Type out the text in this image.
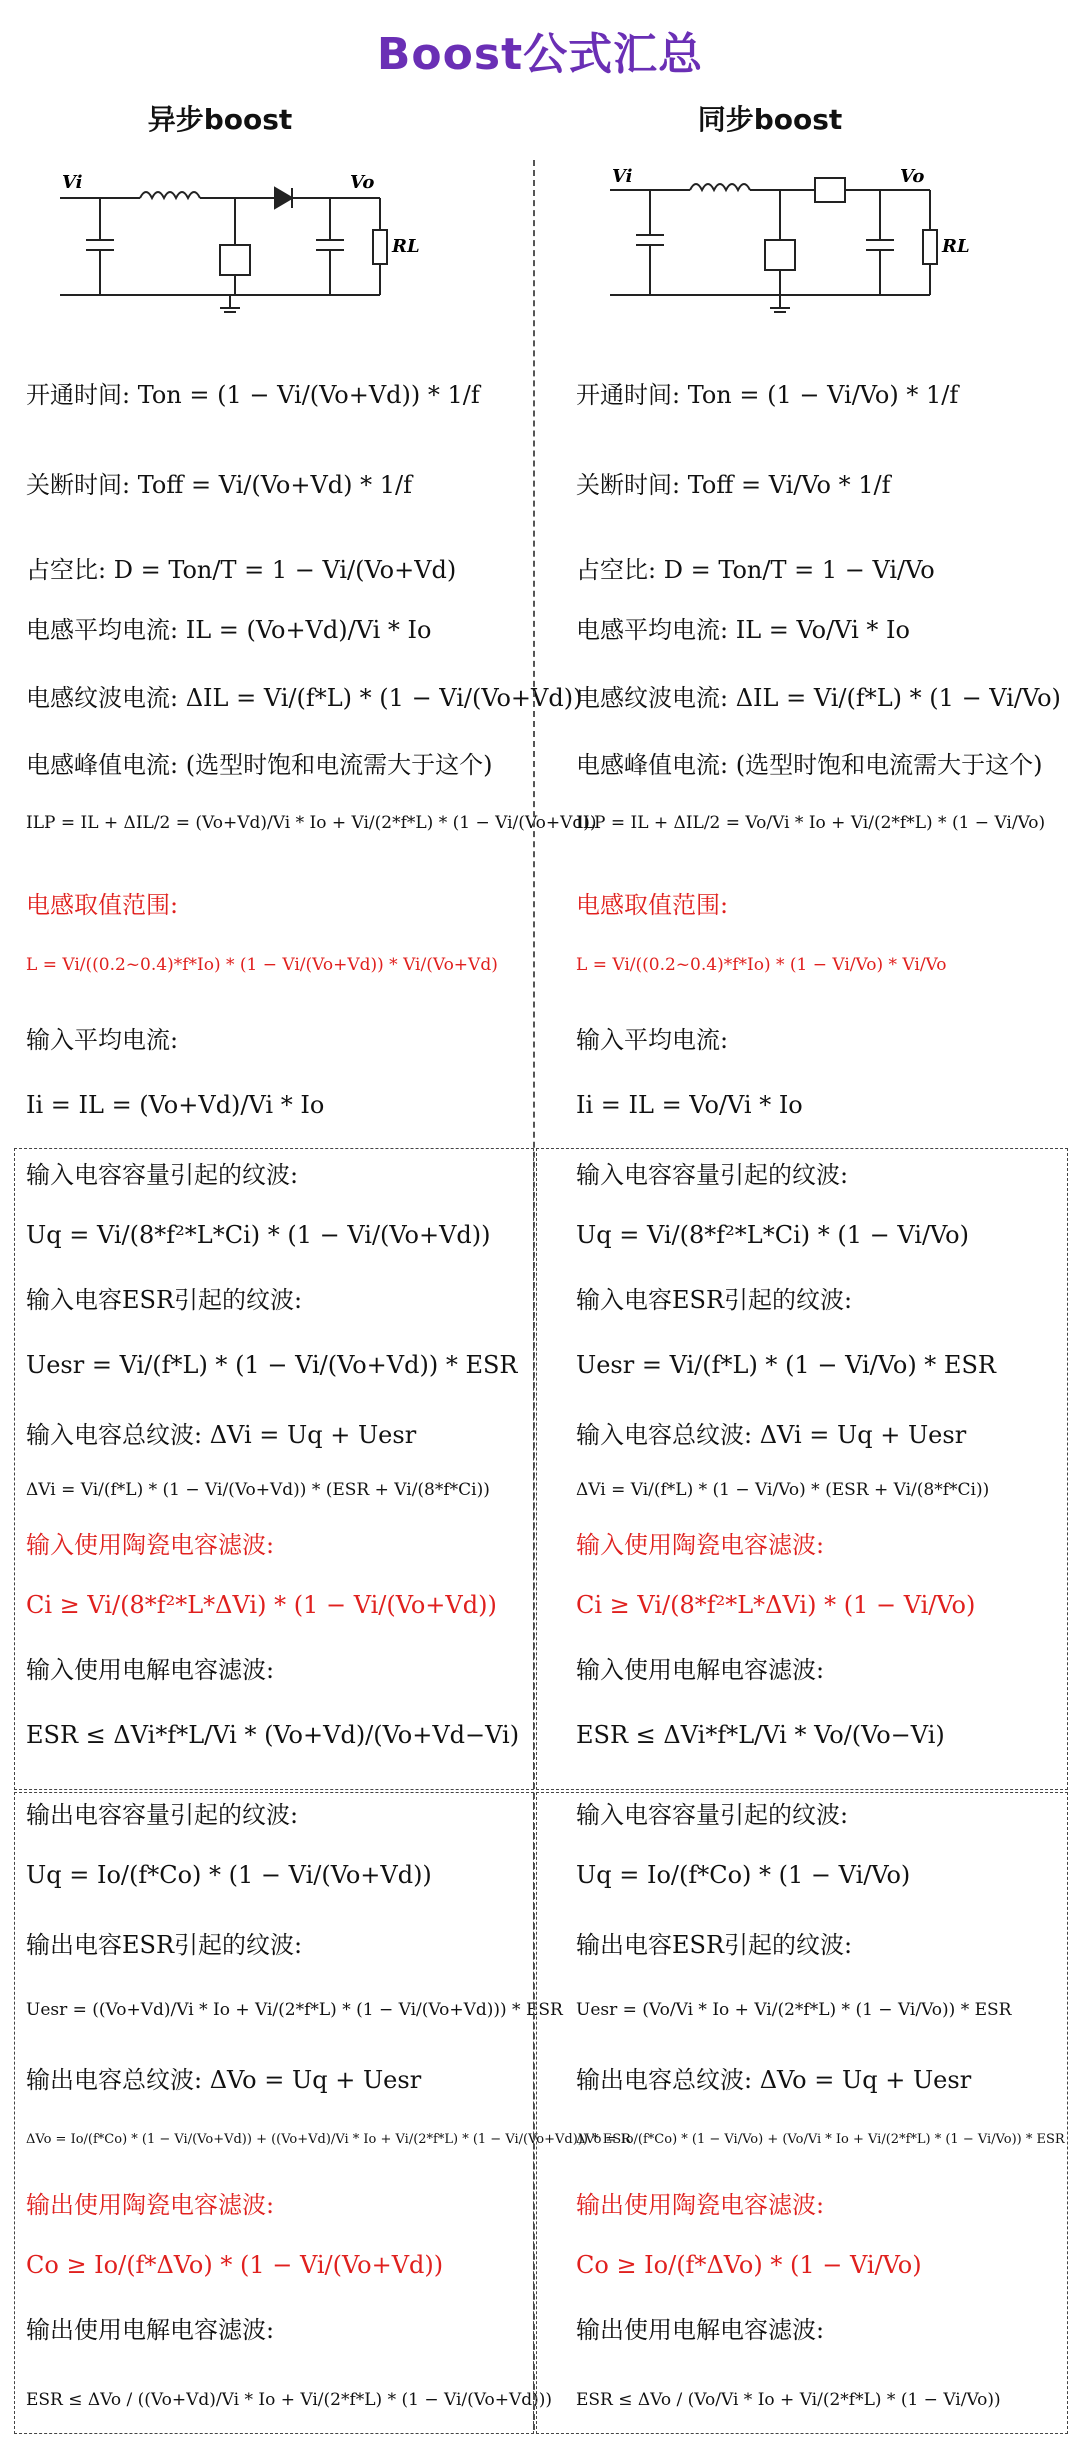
Boost公式汇总
异步boost
Vi	Vo
RL
开通时间: Ton = (1 − Vi/(Vo+Vd)) * 1/f
关断时间: Toff = Vi/(Vo+Vd) * 1/f
占空比: D = Ton/T = 1 − Vi/(Vo+Vd)
电感平均电流: IL = (Vo+Vd)/Vi * Io
电感纹波电流: ΔIL = Vi/(f*L) * (1 − Vi/(Vo+Vd))
电感峰值电流: (选型时饱和电流需大于这个)
ILP = IL + ΔIL/2 = (Vo+Vd)/Vi * Io + Vi/(2*f*L) * (1 − Vi/(Vo+Vd))
电感取值范围:
L = Vi/((0.2~0.4)*f*Io) * (1 − Vi/(Vo+Vd)) * Vi/(Vo+Vd)
输入平均电流:
Ii = IL = (Vo+Vd)/Vi * Io
输入电容容量引起的纹波:
Uq = Vi/(8*f²*L*Ci) * (1 − Vi/(Vo+Vd))
输入电容ESR引起的纹波:
Uesr = Vi/(f*L) * (1 − Vi/(Vo+Vd)) * ESR
输入电容总纹波: ΔVi = Uq + Uesr
ΔVi = Vi/(f*L) * (1 − Vi/(Vo+Vd)) * (ESR + Vi/(8*f*Ci))
输入使用陶瓷电容滤波:
Ci ≥ Vi/(8*f²*L*ΔVi) * (1 − Vi/(Vo+Vd))
输入使用电解电容滤波:
ESR ≤ ΔVi*f*L/Vi * (Vo+Vd)/(Vo+Vd−Vi)
输出电容容量引起的纹波:
Uq = Io/(f*Co) * (1 − Vi/(Vo+Vd))
输出电容ESR引起的纹波:
Uesr = ((Vo+Vd)/Vi * Io + Vi/(2*f*L) * (1 − Vi/(Vo+Vd))) * ESR
输出电容总纹波: ΔVo = Uq + Uesr
ΔVo = Io/(f*Co) * (1 − Vi/(Vo+Vd)) + ((Vo+Vd)/Vi * Io + Vi/(2*f*L) * (1 − Vi/(Vo+Vd))) * ESR
输出使用陶瓷电容滤波:
Co ≥ Io/(f*ΔVo) * (1 − Vi/(Vo+Vd))
输出使用电解电容滤波:
ESR ≤ ΔVo / ((Vo+Vd)/Vi * Io + Vi/(2*f*L) * (1 − Vi/(Vo+Vd)))
同步boost
Vi	Vo
RL
开通时间: Ton = (1 − Vi/Vo) * 1/f
关断时间: Toff = Vi/Vo * 1/f
占空比: D = Ton/T = 1 − Vi/Vo
电感平均电流: IL = Vo/Vi * Io
电感纹波电流: ΔIL = Vi/(f*L) * (1 − Vi/Vo)
电感峰值电流: (选型时饱和电流需大于这个)
ILP = IL + ΔIL/2 = Vo/Vi * Io + Vi/(2*f*L) * (1 − Vi/Vo)
电感取值范围:
L = Vi/((0.2~0.4)*f*Io) * (1 − Vi/Vo) * Vi/Vo
输入平均电流:
Ii = IL = Vo/Vi * Io
输入电容容量引起的纹波:
Uq = Vi/(8*f²*L*Ci) * (1 − Vi/Vo)
输入电容ESR引起的纹波:
Uesr = Vi/(f*L) * (1 − Vi/Vo) * ESR
输入电容总纹波: ΔVi = Uq + Uesr
ΔVi = Vi/(f*L) * (1 − Vi/Vo) * (ESR + Vi/(8*f*Ci))
输入使用陶瓷电容滤波:
Ci ≥ Vi/(8*f²*L*ΔVi) * (1 − Vi/Vo)
输入使用电解电容滤波:
ESR ≤ ΔVi*f*L/Vi * Vo/(Vo−Vi)
输入电容容量引起的纹波:
Uq = Io/(f*Co) * (1 − Vi/Vo)
输出电容ESR引起的纹波:
Uesr = (Vo/Vi * Io + Vi/(2*f*L) * (1 − Vi/Vo)) * ESR
输出电容总纹波: ΔVo = Uq + Uesr
ΔVo = Io/(f*Co) * (1 − Vi/Vo) + (Vo/Vi * Io + Vi/(2*f*L) * (1 − Vi/Vo)) * ESR
输出使用陶瓷电容滤波:
Co ≥ Io/(f*ΔVo) * (1 − Vi/Vo)
输出使用电解电容滤波:
ESR ≤ ΔVo / (Vo/Vi * Io + Vi/(2*f*L) * (1 − Vi/Vo))
